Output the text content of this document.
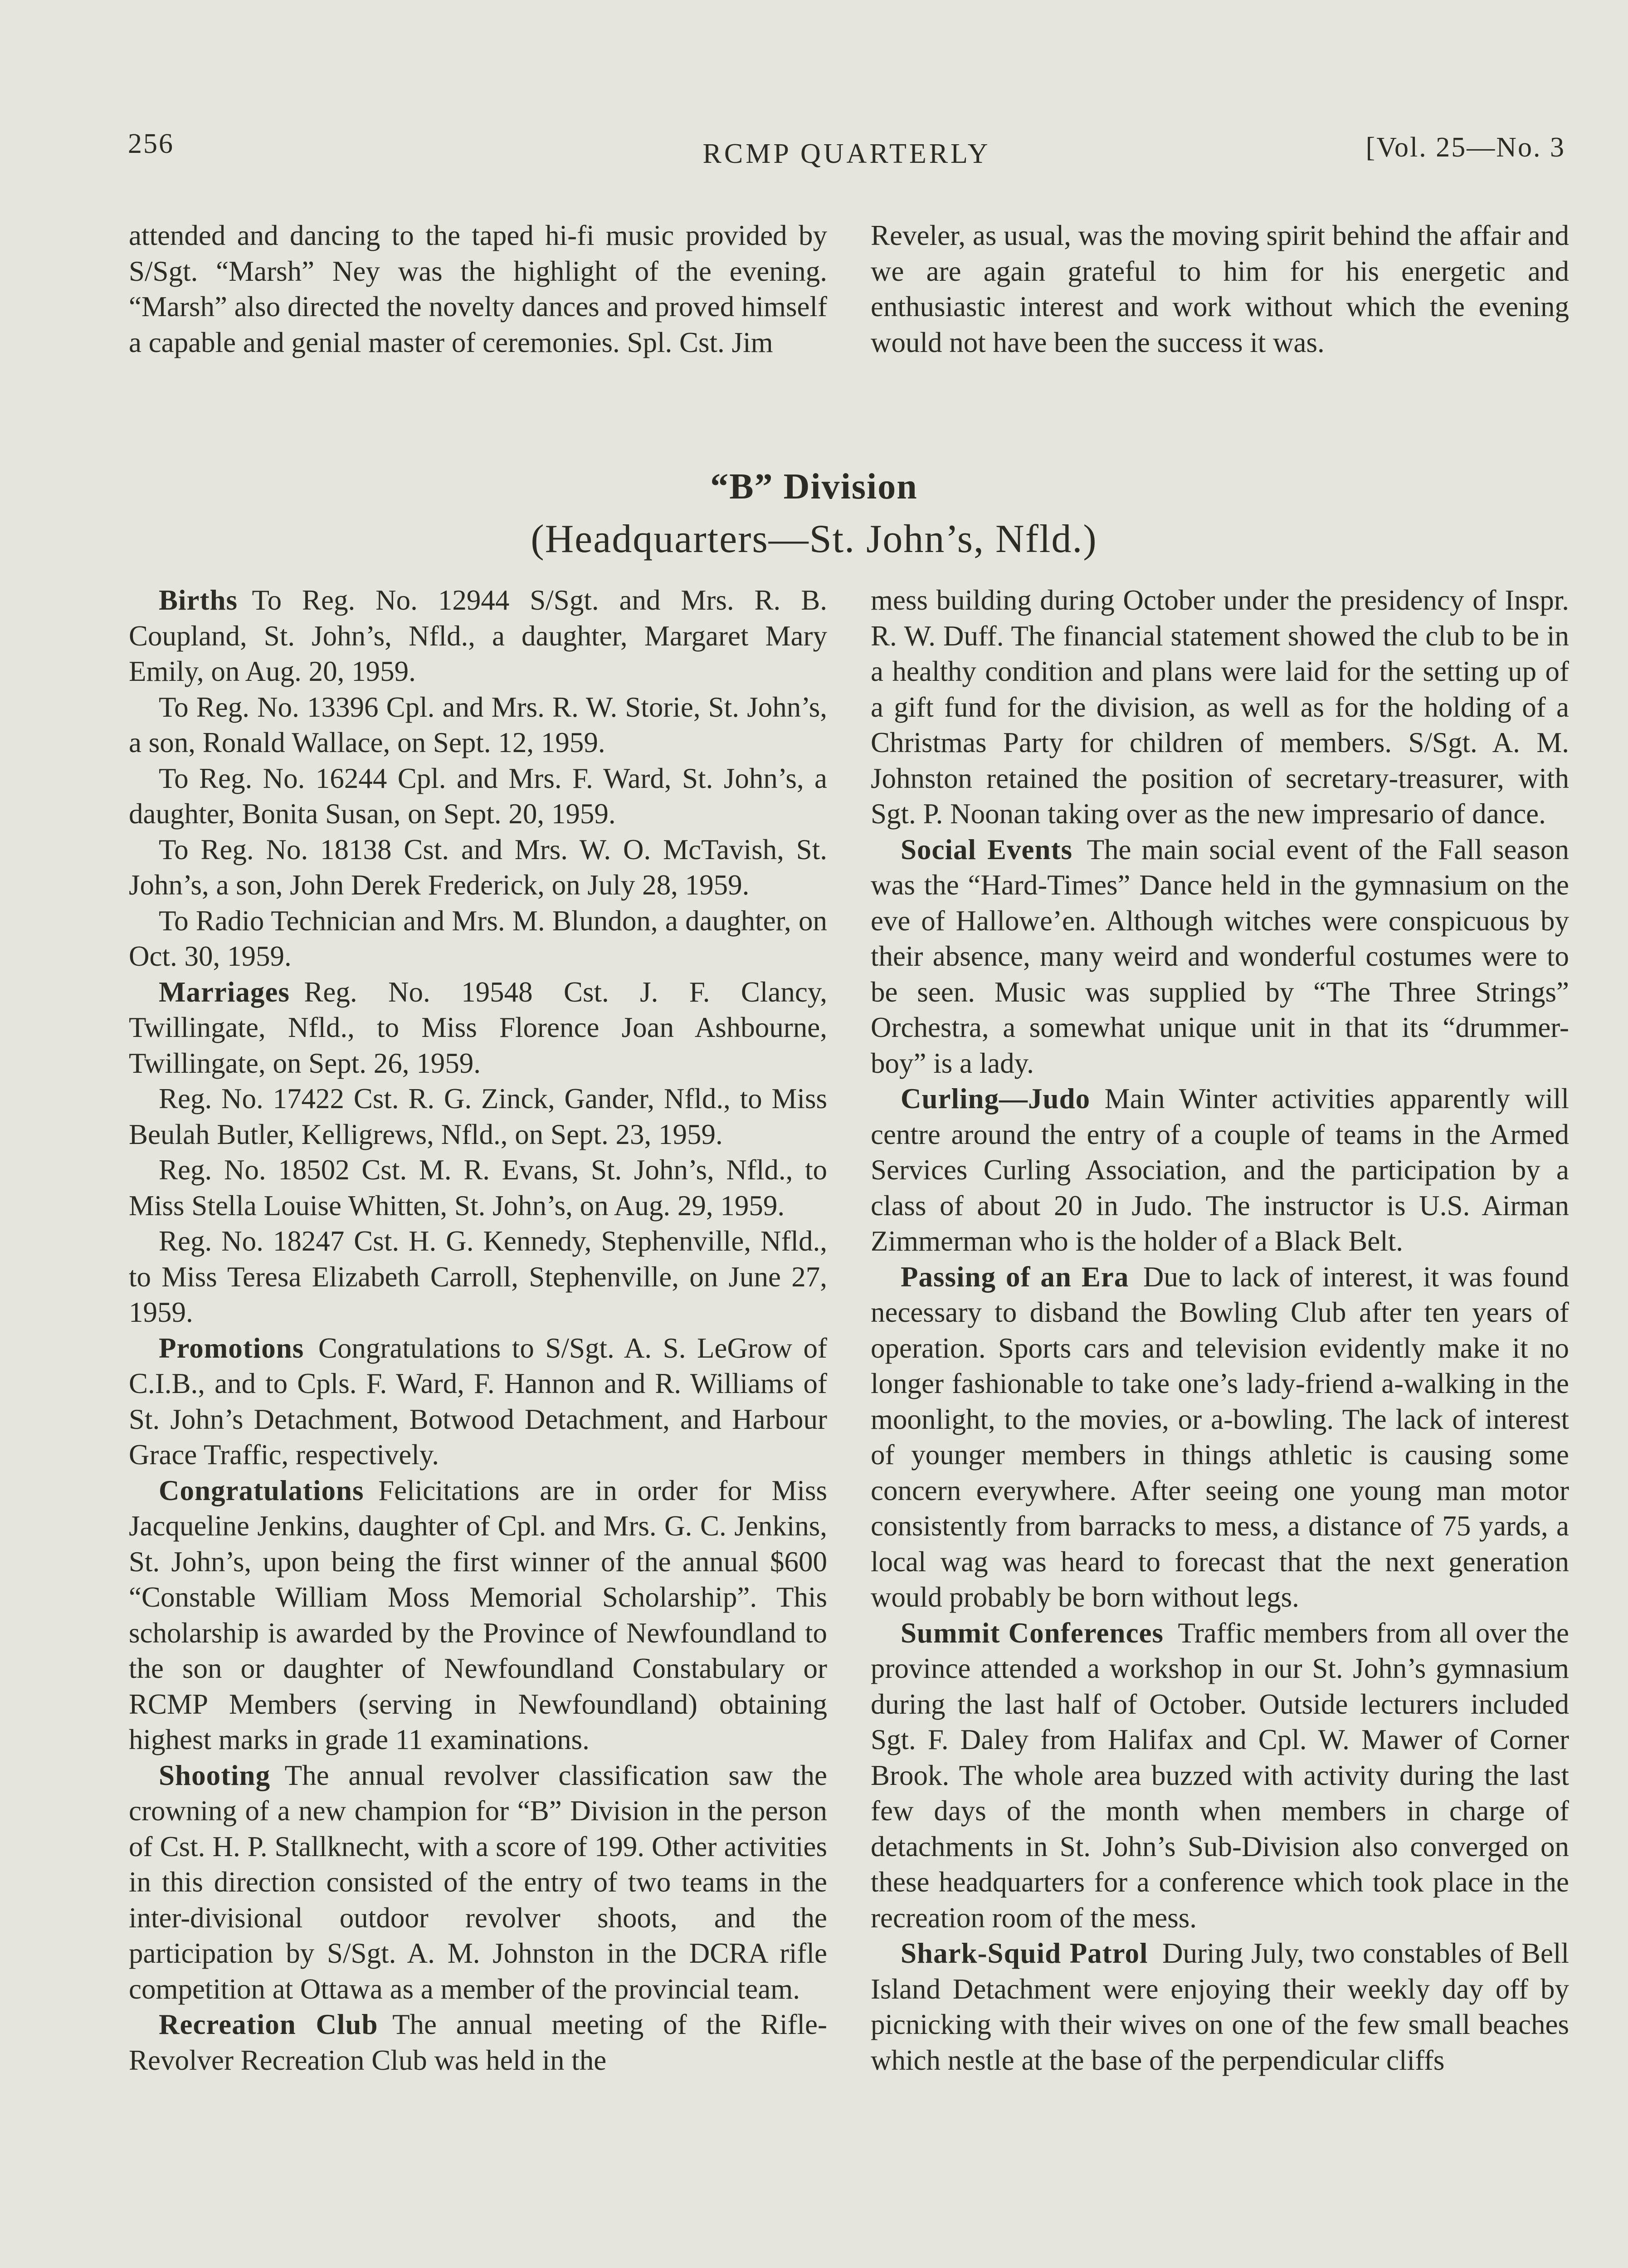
256	RCMP QUARTERLY	[Vol. 25—No. 3

attended and dancing to the taped hi-fi music provided by S/Sgt. “Marsh” Ney was the highlight of the evening. “Marsh” also directed the novelty dances and proved himself a capable and genial master of ceremonies. Spl. Cst. Jim

Reveler, as usual, was the moving spirit behind the affair and we are again grateful to him for his energetic and enthusiastic interest and work without which the evening would not have been the success it was.

“B” Division
(Headquarters—St. John’s, Nfld.)

Births  To Reg. No. 12944 S/Sgt. and Mrs. R. B. Coupland, St. John’s, Nfld., a daughter, Margaret Mary Emily, on Aug. 20, 1959.

To Reg. No. 13396 Cpl. and Mrs. R. W. Storie, St. John’s, a son, Ronald Wallace, on Sept. 12, 1959.

To Reg. No. 16244 Cpl. and Mrs. F. Ward, St. John’s, a daughter, Bonita Susan, on Sept. 20, 1959.

To Reg. No. 18138 Cst. and Mrs. W. O. McTavish, St. John’s, a son, John Derek Frederick, on July 28, 1959.

To Radio Technician and Mrs. M. Blundon, a daughter, on Oct. 30, 1959.

Marriages  Reg. No. 19548 Cst. J. F. Clancy, Twillingate, Nfld., to Miss Florence Joan Ashbourne, Twillingate, on Sept. 26, 1959.

Reg. No. 17422 Cst. R. G. Zinck, Gander, Nfld., to Miss Beulah Butler, Kelligrews, Nfld., on Sept. 23, 1959.

Reg. No. 18502 Cst. M. R. Evans, St. John’s, Nfld., to Miss Stella Louise Whitten, St. John’s, on Aug. 29, 1959.

Reg. No. 18247 Cst. H. G. Kennedy, Stephenville, Nfld., to Miss Teresa Elizabeth Carroll, Stephenville, on June 27, 1959.

Promotions  Congratulations to S/Sgt. A. S. LeGrow of C.I.B., and to Cpls. F. Ward, F. Hannon and R. Williams of St. John’s Detachment, Botwood Detachment, and Harbour Grace Traffic, respectively.

Congratulations  Felicitations are in order for Miss Jacqueline Jenkins, daughter of Cpl. and Mrs. G. C. Jenkins, St. John’s, upon being the first winner of the annual $600 “Constable William Moss Memorial Scholarship”. This scholarship is awarded by the Province of Newfoundland to the son or daughter of Newfoundland Constabulary or RCMP Members (serving in Newfoundland) obtaining highest marks in grade 11 examinations.

Shooting  The annual revolver classification saw the crowning of a new champion for “B” Division in the person of Cst. H. P. Stallknecht, with a score of 199. Other activities in this direction consisted of the entry of two teams in the inter-divisional outdoor revolver shoots, and the participation by S/Sgt. A. M. Johnston in the DCRA rifle competition at Ottawa as a member of the provincial team.

Recreation Club  The annual meeting of the Rifle-Revolver Recreation Club was held in the

mess building during October under the presidency of Inspr. R. W. Duff. The financial statement showed the club to be in a healthy condition and plans were laid for the setting up of a gift fund for the division, as well as for the holding of a Christmas Party for children of members. S/Sgt. A. M. Johnston retained the position of secretary-treasurer, with Sgt. P. Noonan taking over as the new impresario of dance.

Social Events  The main social event of the Fall season was the “Hard-Times” Dance held in the gymnasium on the eve of Hallowe’en. Although witches were conspicuous by their absence, many weird and wonderful costumes were to be seen. Music was supplied by “The Three Strings” Orchestra, a somewhat unique unit in that its “drummer-boy” is a lady.

Curling—Judo  Main Winter activities apparently will centre around the entry of a couple of teams in the Armed Services Curling Association, and the participation by a class of about 20 in Judo. The instructor is U.S. Airman Zimmerman who is the holder of a Black Belt.

Passing of an Era  Due to lack of interest, it was found necessary to disband the Bowling Club after ten years of operation. Sports cars and television evidently make it no longer fashionable to take one’s lady-friend a-walking in the moonlight, to the movies, or a-bowling. The lack of interest of younger members in things athletic is causing some concern everywhere. After seeing one young man motor consistently from barracks to mess, a distance of 75 yards, a local wag was heard to forecast that the next generation would probably be born without legs.

Summit Conferences  Traffic members from all over the province attended a workshop in our St. John’s gymnasium during the last half of October. Outside lecturers included Sgt. F. Daley from Halifax and Cpl. W. Mawer of Corner Brook. The whole area buzzed with activity during the last few days of the month when members in charge of detachments in St. John’s Sub-Division also converged on these headquarters for a conference which took place in the recreation room of the mess.

Shark-Squid Patrol  During July, two constables of Bell Island Detachment were enjoying their weekly day off by picnicking with their wives on one of the few small beaches which nestle at the base of the perpendicular cliffs
